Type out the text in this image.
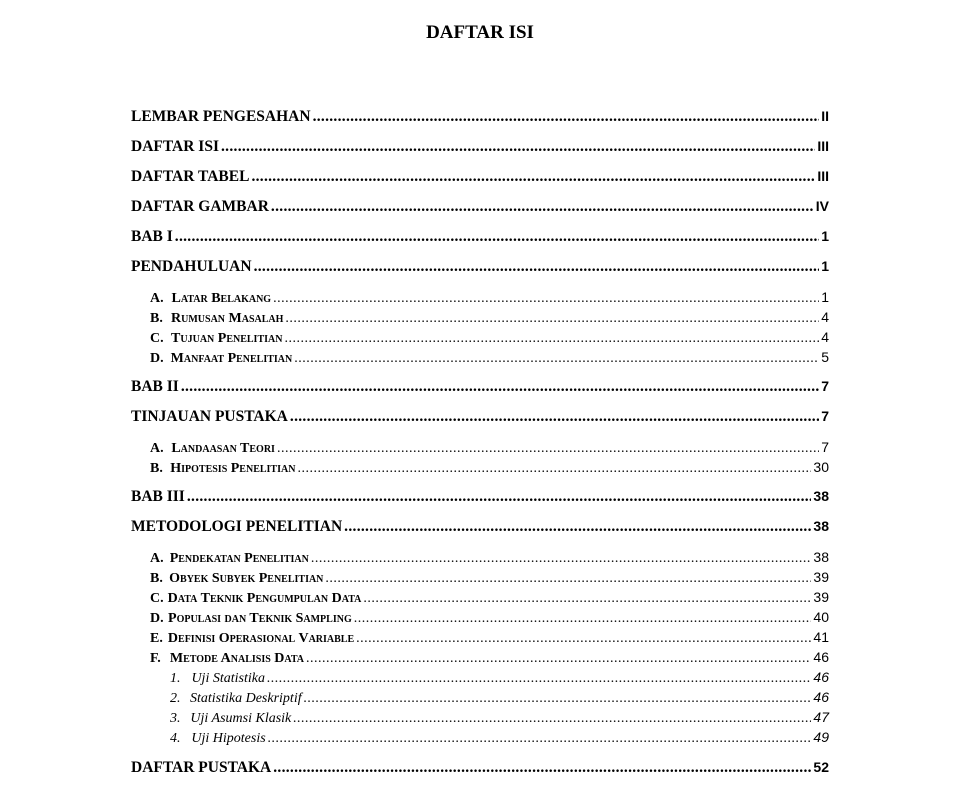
DAFTAR ISI
LEMBAR PENGESAHAN .....	II
DAFTAR ISI .....	III
DAFTAR TABEL .....	III
DAFTAR GAMBAR .....	IV
BAB I .....	1
PENDAHULUAN .....	1
A. Latar Belakang .....	1
B. Rumusan Masalah .....	4
C. Tujuan Penelitian .....	4
D. Manfaat Penelitian .....	5
BAB II .....	7
TINJAUAN PUSTAKA .....	7
A. Landaasan Teori .....	7
B. Hipotesis Penelitian .....	30
BAB III .....	38
METODOLOGI PENELITIAN .....	38
A. Pendekatan Penelitian .....	38
B. Obyek Subyek Penelitian .....	39
C. Data Teknik Pengumpulan Data .....	39
D. Populasi dan Teknik Sampling .....	40
E. Definisi Operasional Variable .....	41
F. Metode Analisis Data .....	46
1. Uji Statistika .....	46
2. Statistika Deskriptif .....	46
3. Uji Asumsi Klasik .....	47
4. Uji Hipotesis .....	49
DAFTAR PUSTAKA .....	52
